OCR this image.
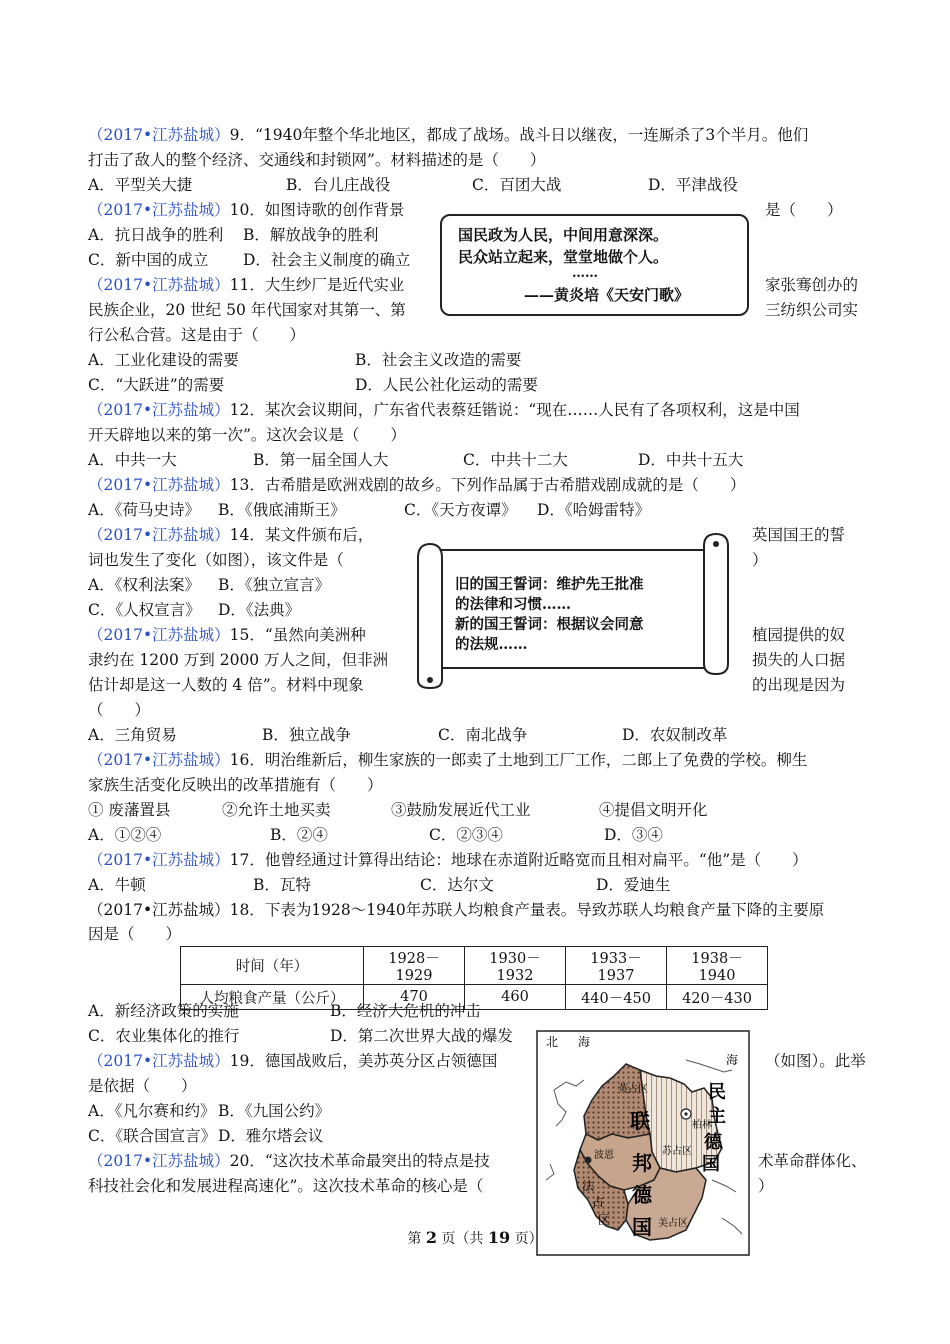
（2017•江苏盐城）9．“1940年整个华北地区，都成了战场。战斗日以继夜，一连厮杀了3个半月。他们
打击了敌人的整个经济、交通线和封锁网”。材料描述的是（　　）
A．平型关大捷	B．台儿庄战役	C．百团大战	D．平津战役
（2017•江苏盐城）10．如图诗歌的创作背景	是（　　）
A．抗日战争的胜利 B．解放战争的胜利
C．新中国的成立 D．社会主义制度的确立
国民政为人民，中间用意深深。
民众站立起来，堂堂地做个人。
……
——黄炎培《天安门歌》
（2017•江苏盐城）11．大生纱厂是近代实业	家张骞创办的
民族企业，20 世纪 50 年代国家对其第一、第	三纺织公司实
行公私合营。这是由于（　　）
A．工业化建设的需要	B．社会主义改造的需要
C．“大跃进”的需要	D．人民公社化运动的需要
（2017•江苏盐城）12．某次会议期间，广东省代表蔡廷锴说：“现在……人民有了各项权利，这是中国
开天辟地以来的第一次”。这次会议是（　　）
A．中共一大	B．第一届全国人大	C．中共十二大	D．中共十五大
（2017•江苏盐城）13．古希腊是欧洲戏剧的故乡。下列作品属于古希腊戏剧成就的是（　　）
A．《荷马史诗》 B．《俄底浦斯王》	C．《天方夜谭》 D．《哈姆雷特》
（2017•江苏盐城）14．某文件颁布后，	英国国王的誓
词也发生了变化（如图），该文件是（	）
A．《权利法案》 B．《独立宣言》
C．《人权宣言》 D．《法典》
旧的国王誓词：维护先王批准
的法律和习惯……
新的国王誓词：根据议会同意
的法规……
（2017•江苏盐城）15．“虽然向美洲种	植园提供的奴
隶约在 1200 万到 2000 万人之间，但非洲	损失的人口据
估计却是这一人数的 4 倍”。材料中现象	的出现是因为
（　　）
A．三角贸易	B．独立战争	C．南北战争	D．农奴制改革
（2017•江苏盐城）16．明治维新后，柳生家族的一郎卖了土地到工厂工作，二郎上了免费的学校。柳生
家族生活变化反映出的改革措施有（　　）
① 废藩置县	②允许土地买卖	③鼓励发展近代工业	④提倡文明开化
A．①②④	B．②④	C．②③④	D．③④
（2017•江苏盐城）17．他曾经通过计算得出结论：地球在赤道附近略宽而且相对扁平。“他”是（　　）
A．牛顿	B．瓦特	C．达尔文	D．爱迪生
（2017•江苏盐城）18．下表为1928～1940年苏联人均粮食产量表。导致苏联人均粮食产量下降的主要原
因是（　　）
时间（年）	1928－1929	1930－1932	1933－1937	1938－1940
人均粮食产量（公斤）	470	460	440－450	420－430
A．新经济政策的实施	B．经济大危机的冲击
C．农业集体化的推行	D．第二次世界大战的爆发
（2017•江苏盐城）19．德国战败后，美苏英分区占领德国	（如图）。此举
是依据（　　）
A．《凡尔赛和约》 B．《九国公约》
C．《联合国宣言》 D．雅尔塔会议
北 海
海
民
主
德
国
联
邦
德
国
英占区
苏占区
柏林
美占区
法
占
区
波恩
（2017•江苏盐城）20．“这次技术革命最突出的特点是技	术革命群体化、
科技社会化和发展进程高速化”。这次技术革命的核心是（	）
第 2 页（共 19 页）
